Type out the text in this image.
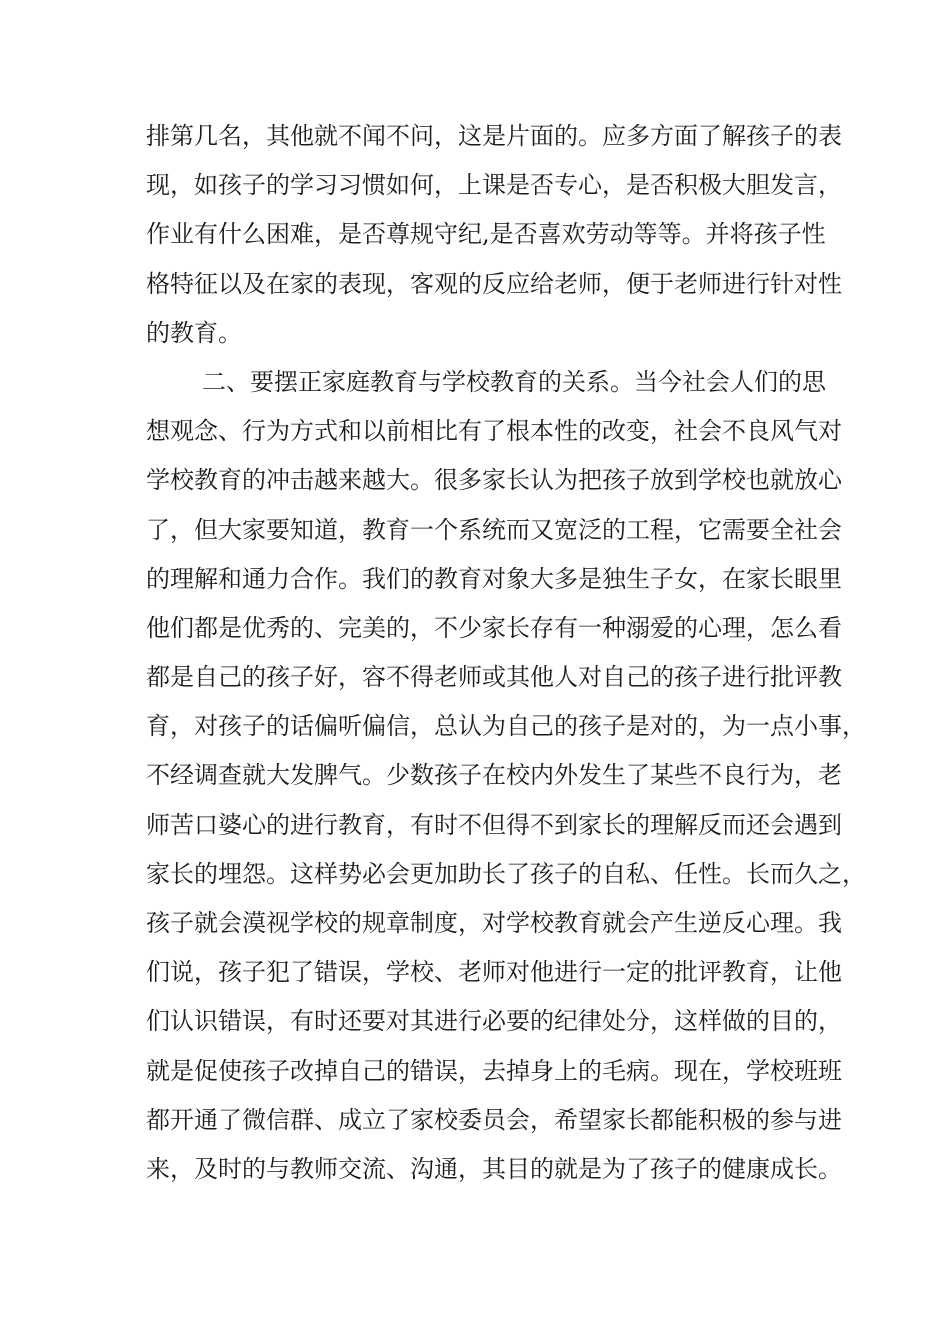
排第几名，其他就不闻不问，这是片面的。应多方面了解孩子的表
现，如孩子的学习习惯如何，上课是否专心，是否积极大胆发言，
作业有什么困难，是否尊规守纪,是否喜欢劳动等等。并将孩子性
格特征以及在家的表现，客观的反应给老师，便于老师进行针对性
的教育。
二、要摆正家庭教育与学校教育的关系。当今社会人们的思
想观念、行为方式和以前相比有了根本性的改变，社会不良风气对
学校教育的冲击越来越大。很多家长认为把孩子放到学校也就放心
了，但大家要知道，教育一个系统而又宽泛的工程，它需要全社会
的理解和通力合作。我们的教育对象大多是独生子女，在家长眼里
他们都是优秀的、完美的，不少家长存有一种溺爱的心理，怎么看
都是自己的孩子好，容不得老师或其他人对自己的孩子进行批评教
育，对孩子的话偏听偏信，总认为自己的孩子是对的，为一点小事，
不经调查就大发脾气。少数孩子在校内外发生了某些不良行为，老
师苦口婆心的进行教育，有时不但得不到家长的理解反而还会遇到
家长的埋怨。这样势必会更加助长了孩子的自私、任性。长而久之，
孩子就会漠视学校的规章制度，对学校教育就会产生逆反心理。我
们说，孩子犯了错误，学校、老师对他进行一定的批评教育，让他
们认识错误，有时还要对其进行必要的纪律处分，这样做的目的，
就是促使孩子改掉自己的错误，去掉身上的毛病。现在，学校班班
都开通了微信群、成立了家校委员会，希望家长都能积极的参与进
来，及时的与教师交流、沟通，其目的就是为了孩子的健康成长。
